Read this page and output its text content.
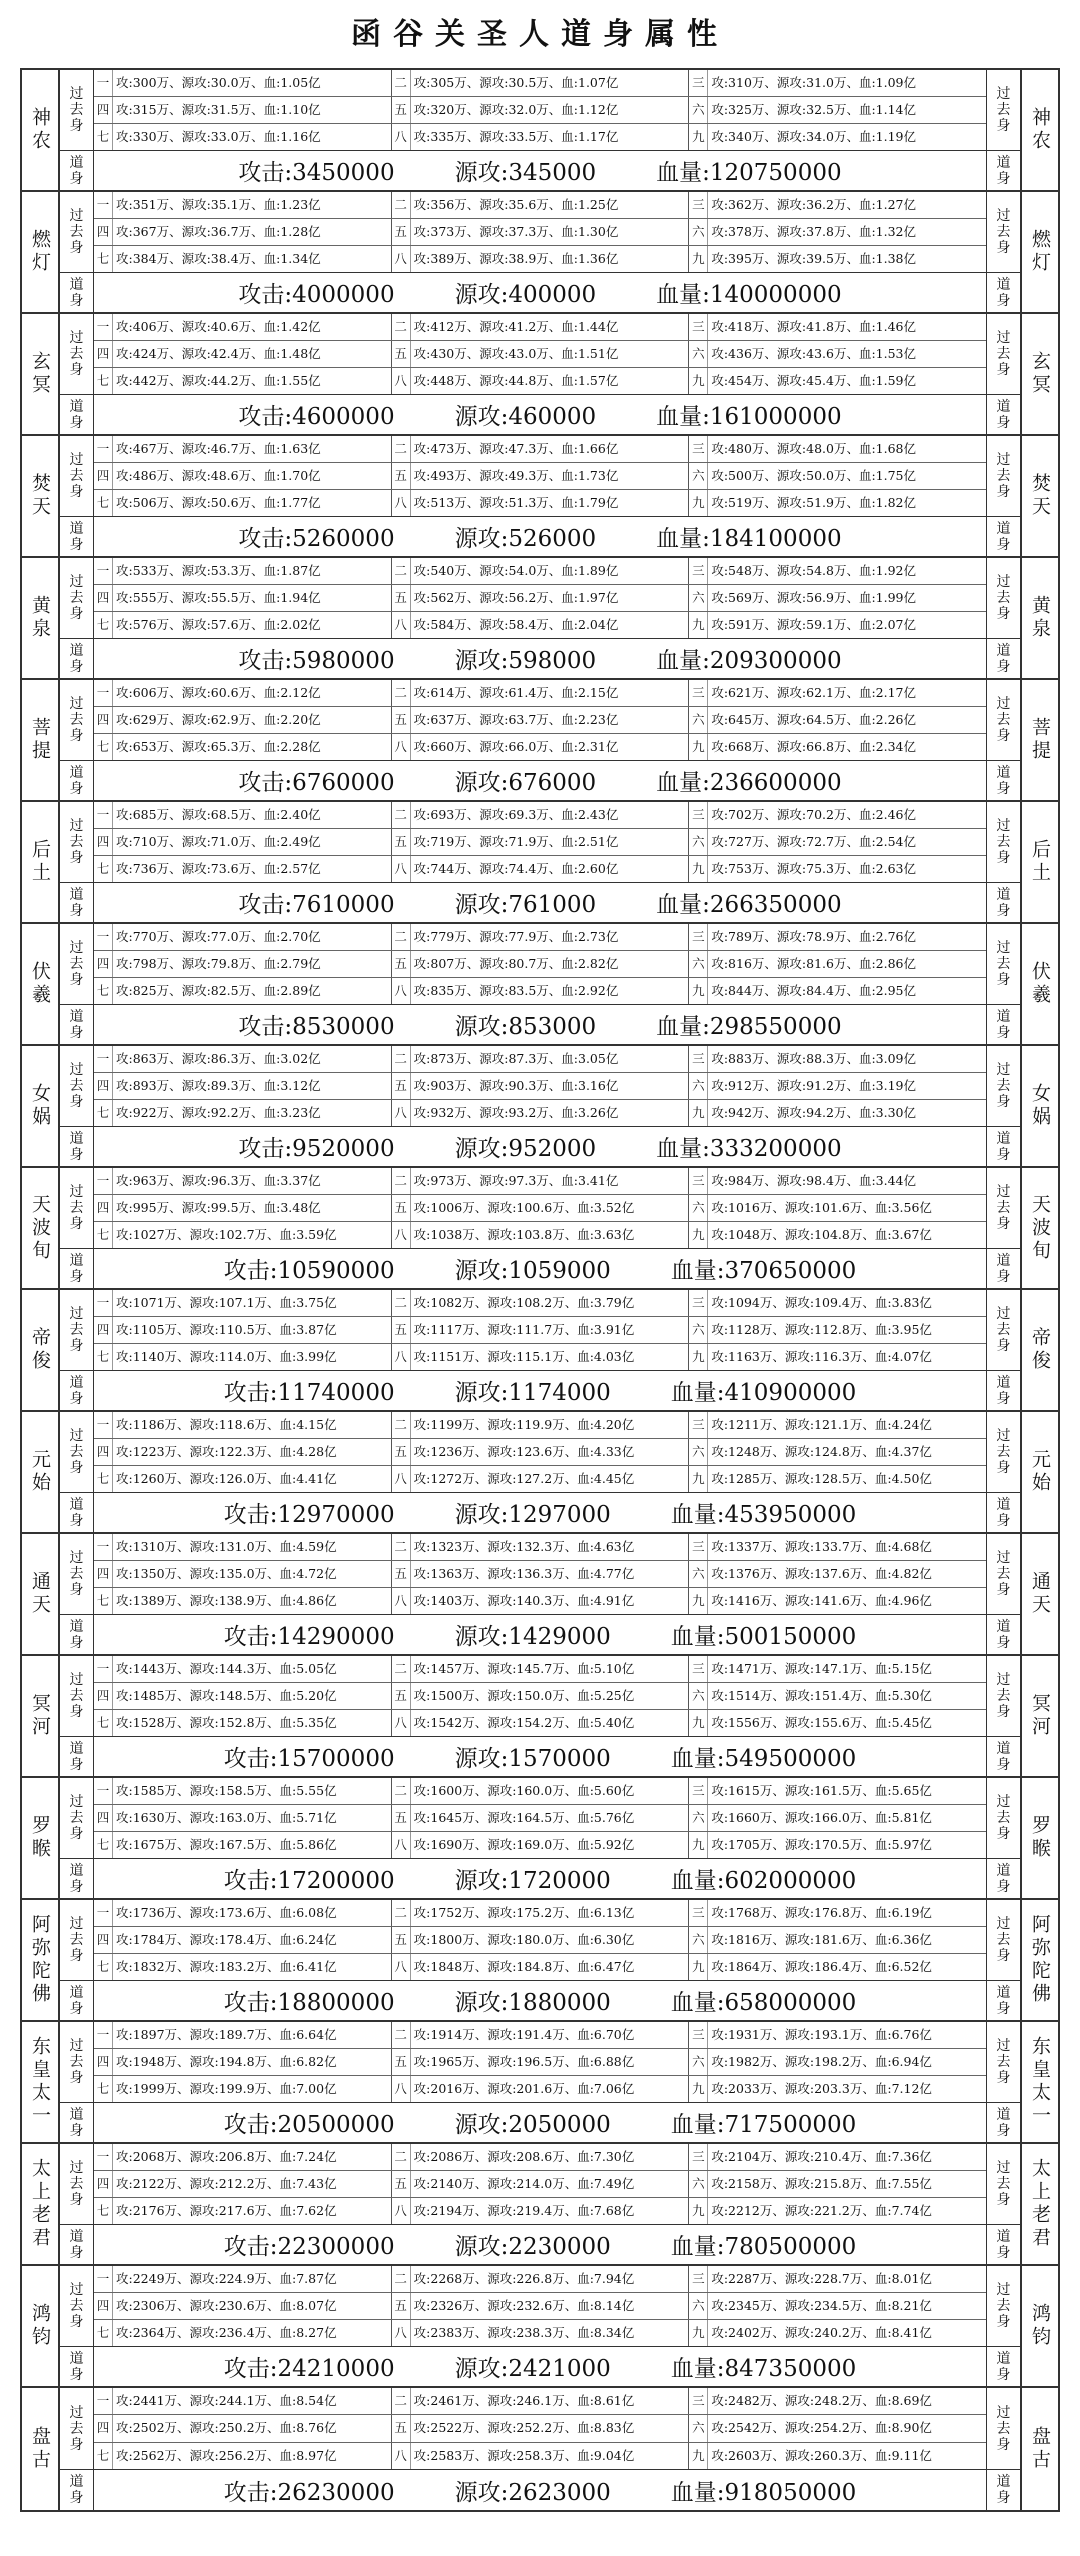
函谷关圣人道身属性
神农
过去身
一 攻:300万、源攻:30.0万、血:1.05亿	二 攻:305万、源攻:30.5万、血:1.07亿	三 攻:310万、源攻:31.0万、血:1.09亿
四 攻:315万、源攻:31.5万、血:1.10亿	五 攻:320万、源攻:32.0万、血:1.12亿	六 攻:325万、源攻:32.5万、血:1.14亿
七 攻:330万、源攻:33.0万、血:1.16亿	八 攻:335万、源攻:33.5万、血:1.17亿	九 攻:340万、源攻:34.0万、血:1.19亿
过去身
道身	攻击:3450000	源攻:345000	血量:120750000	道身
神农
燃灯
过去身
一 攻:351万、源攻:35.1万、血:1.23亿	二 攻:356万、源攻:35.6万、血:1.25亿	三 攻:362万、源攻:36.2万、血:1.27亿
四 攻:367万、源攻:36.7万、血:1.28亿	五 攻:373万、源攻:37.3万、血:1.30亿	六 攻:378万、源攻:37.8万、血:1.32亿
七 攻:384万、源攻:38.4万、血:1.34亿	八 攻:389万、源攻:38.9万、血:1.36亿	九 攻:395万、源攻:39.5万、血:1.38亿
过去身
道身	攻击:4000000	源攻:400000	血量:140000000	道身
燃灯
玄冥
过去身
一 攻:406万、源攻:40.6万、血:1.42亿	二 攻:412万、源攻:41.2万、血:1.44亿	三 攻:418万、源攻:41.8万、血:1.46亿
四 攻:424万、源攻:42.4万、血:1.48亿	五 攻:430万、源攻:43.0万、血:1.51亿	六 攻:436万、源攻:43.6万、血:1.53亿
七 攻:442万、源攻:44.2万、血:1.55亿	八 攻:448万、源攻:44.8万、血:1.57亿	九 攻:454万、源攻:45.4万、血:1.59亿
过去身
道身	攻击:4600000	源攻:460000	血量:161000000	道身
玄冥
焚天
过去身
一 攻:467万、源攻:46.7万、血:1.63亿	二 攻:473万、源攻:47.3万、血:1.66亿	三 攻:480万、源攻:48.0万、血:1.68亿
四 攻:486万、源攻:48.6万、血:1.70亿	五 攻:493万、源攻:49.3万、血:1.73亿	六 攻:500万、源攻:50.0万、血:1.75亿
七 攻:506万、源攻:50.6万、血:1.77亿	八 攻:513万、源攻:51.3万、血:1.79亿	九 攻:519万、源攻:51.9万、血:1.82亿
过去身
道身	攻击:5260000	源攻:526000	血量:184100000	道身
焚天
黄泉
过去身
一 攻:533万、源攻:53.3万、血:1.87亿	二 攻:540万、源攻:54.0万、血:1.89亿	三 攻:548万、源攻:54.8万、血:1.92亿
四 攻:555万、源攻:55.5万、血:1.94亿	五 攻:562万、源攻:56.2万、血:1.97亿	六 攻:569万、源攻:56.9万、血:1.99亿
七 攻:576万、源攻:57.6万、血:2.02亿	八 攻:584万、源攻:58.4万、血:2.04亿	九 攻:591万、源攻:59.1万、血:2.07亿
过去身
道身	攻击:5980000	源攻:598000	血量:209300000	道身
黄泉
菩提
过去身
一 攻:606万、源攻:60.6万、血:2.12亿	二 攻:614万、源攻:61.4万、血:2.15亿	三 攻:621万、源攻:62.1万、血:2.17亿
四 攻:629万、源攻:62.9万、血:2.20亿	五 攻:637万、源攻:63.7万、血:2.23亿	六 攻:645万、源攻:64.5万、血:2.26亿
七 攻:653万、源攻:65.3万、血:2.28亿	八 攻:660万、源攻:66.0万、血:2.31亿	九 攻:668万、源攻:66.8万、血:2.34亿
过去身
道身	攻击:6760000	源攻:676000	血量:236600000	道身
菩提
后土
过去身
一 攻:685万、源攻:68.5万、血:2.40亿	二 攻:693万、源攻:69.3万、血:2.43亿	三 攻:702万、源攻:70.2万、血:2.46亿
四 攻:710万、源攻:71.0万、血:2.49亿	五 攻:719万、源攻:71.9万、血:2.51亿	六 攻:727万、源攻:72.7万、血:2.54亿
七 攻:736万、源攻:73.6万、血:2.57亿	八 攻:744万、源攻:74.4万、血:2.60亿	九 攻:753万、源攻:75.3万、血:2.63亿
过去身
道身	攻击:7610000	源攻:761000	血量:266350000	道身
后土
伏羲
过去身
一 攻:770万、源攻:77.0万、血:2.70亿	二 攻:779万、源攻:77.9万、血:2.73亿	三 攻:789万、源攻:78.9万、血:2.76亿
四 攻:798万、源攻:79.8万、血:2.79亿	五 攻:807万、源攻:80.7万、血:2.82亿	六 攻:816万、源攻:81.6万、血:2.86亿
七 攻:825万、源攻:82.5万、血:2.89亿	八 攻:835万、源攻:83.5万、血:2.92亿	九 攻:844万、源攻:84.4万、血:2.95亿
过去身
道身	攻击:8530000	源攻:853000	血量:298550000	道身
伏羲
女娲
过去身
一 攻:863万、源攻:86.3万、血:3.02亿	二 攻:873万、源攻:87.3万、血:3.05亿	三 攻:883万、源攻:88.3万、血:3.09亿
四 攻:893万、源攻:89.3万、血:3.12亿	五 攻:903万、源攻:90.3万、血:3.16亿	六 攻:912万、源攻:91.2万、血:3.19亿
七 攻:922万、源攻:92.2万、血:3.23亿	八 攻:932万、源攻:93.2万、血:3.26亿	九 攻:942万、源攻:94.2万、血:3.30亿
过去身
道身	攻击:9520000	源攻:952000	血量:333200000	道身
女娲
天波旬
过去身
一 攻:963万、源攻:96.3万、血:3.37亿	二 攻:973万、源攻:97.3万、血:3.41亿	三 攻:984万、源攻:98.4万、血:3.44亿
四 攻:995万、源攻:99.5万、血:3.48亿	五 攻:1006万、源攻:100.6万、血:3.52亿	六 攻:1016万、源攻:101.6万、血:3.56亿
七 攻:1027万、源攻:102.7万、血:3.59亿	八 攻:1038万、源攻:103.8万、血:3.63亿	九 攻:1048万、源攻:104.8万、血:3.67亿
过去身
道身	攻击:10590000	源攻:1059000	血量:370650000	道身
天波旬
帝俊
过去身
一 攻:1071万、源攻:107.1万、血:3.75亿	二 攻:1082万、源攻:108.2万、血:3.79亿	三 攻:1094万、源攻:109.4万、血:3.83亿
四 攻:1105万、源攻:110.5万、血:3.87亿	五 攻:1117万、源攻:111.7万、血:3.91亿	六 攻:1128万、源攻:112.8万、血:3.95亿
七 攻:1140万、源攻:114.0万、血:3.99亿	八 攻:1151万、源攻:115.1万、血:4.03亿	九 攻:1163万、源攻:116.3万、血:4.07亿
过去身
道身	攻击:11740000	源攻:1174000	血量:410900000	道身
帝俊
元始
过去身
一 攻:1186万、源攻:118.6万、血:4.15亿	二 攻:1199万、源攻:119.9万、血:4.20亿	三 攻:1211万、源攻:121.1万、血:4.24亿
四 攻:1223万、源攻:122.3万、血:4.28亿	五 攻:1236万、源攻:123.6万、血:4.33亿	六 攻:1248万、源攻:124.8万、血:4.37亿
七 攻:1260万、源攻:126.0万、血:4.41亿	八 攻:1272万、源攻:127.2万、血:4.45亿	九 攻:1285万、源攻:128.5万、血:4.50亿
过去身
道身	攻击:12970000	源攻:1297000	血量:453950000	道身
元始
通天
过去身
一 攻:1310万、源攻:131.0万、血:4.59亿	二 攻:1323万、源攻:132.3万、血:4.63亿	三 攻:1337万、源攻:133.7万、血:4.68亿
四 攻:1350万、源攻:135.0万、血:4.72亿	五 攻:1363万、源攻:136.3万、血:4.77亿	六 攻:1376万、源攻:137.6万、血:4.82亿
七 攻:1389万、源攻:138.9万、血:4.86亿	八 攻:1403万、源攻:140.3万、血:4.91亿	九 攻:1416万、源攻:141.6万、血:4.96亿
过去身
道身	攻击:14290000	源攻:1429000	血量:500150000	道身
通天
冥河
过去身
一 攻:1443万、源攻:144.3万、血:5.05亿	二 攻:1457万、源攻:145.7万、血:5.10亿	三 攻:1471万、源攻:147.1万、血:5.15亿
四 攻:1485万、源攻:148.5万、血:5.20亿	五 攻:1500万、源攻:150.0万、血:5.25亿	六 攻:1514万、源攻:151.4万、血:5.30亿
七 攻:1528万、源攻:152.8万、血:5.35亿	八 攻:1542万、源攻:154.2万、血:5.40亿	九 攻:1556万、源攻:155.6万、血:5.45亿
过去身
道身	攻击:15700000	源攻:1570000	血量:549500000	道身
冥河
罗睺
过去身
一 攻:1585万、源攻:158.5万、血:5.55亿	二 攻:1600万、源攻:160.0万、血:5.60亿	三 攻:1615万、源攻:161.5万、血:5.65亿
四 攻:1630万、源攻:163.0万、血:5.71亿	五 攻:1645万、源攻:164.5万、血:5.76亿	六 攻:1660万、源攻:166.0万、血:5.81亿
七 攻:1675万、源攻:167.5万、血:5.86亿	八 攻:1690万、源攻:169.0万、血:5.92亿	九 攻:1705万、源攻:170.5万、血:5.97亿
过去身
道身	攻击:17200000	源攻:1720000	血量:602000000	道身
罗睺
阿弥陀佛 过去身
一 攻:1736万、源攻:173.6万、血:6.08亿	二 攻:1752万、源攻:175.2万、血:6.13亿	三 攻:1768万、源攻:176.8万、血:6.19亿
四 攻:1784万、源攻:178.4万、血:6.24亿	五 攻:1800万、源攻:180.0万、血:6.30亿	六 攻:1816万、源攻:181.6万、血:6.36亿
七 攻:1832万、源攻:183.2万、血:6.41亿	八 攻:1848万、源攻:184.8万、血:6.47亿	九 攻:1864万、源攻:186.4万、血:6.52亿
过去身
道身	攻击:18800000	源攻:1880000	血量:658000000	道身
阿弥陀佛
东皇太一 过去身
一 攻:1897万、源攻:189.7万、血:6.64亿	二 攻:1914万、源攻:191.4万、血:6.70亿	三 攻:1931万、源攻:193.1万、血:6.76亿
四 攻:1948万、源攻:194.8万、血:6.82亿	五 攻:1965万、源攻:196.5万、血:6.88亿	六 攻:1982万、源攻:198.2万、血:6.94亿
七 攻:1999万、源攻:199.9万、血:7.00亿	八 攻:2016万、源攻:201.6万、血:7.06亿	九 攻:2033万、源攻:203.3万、血:7.12亿
过去身
道身	攻击:20500000	源攻:2050000	血量:717500000	道身
东皇太一
太上老君 过去身
一 攻:2068万、源攻:206.8万、血:7.24亿	二 攻:2086万、源攻:208.6万、血:7.30亿	三 攻:2104万、源攻:210.4万、血:7.36亿
四 攻:2122万、源攻:212.2万、血:7.43亿	五 攻:2140万、源攻:214.0万、血:7.49亿	六 攻:2158万、源攻:215.8万、血:7.55亿
七 攻:2176万、源攻:217.6万、血:7.62亿	八 攻:2194万、源攻:219.4万、血:7.68亿	九 攻:2212万、源攻:221.2万、血:7.74亿
过去身
道身	攻击:22300000	源攻:2230000	血量:780500000	道身
太上老君
鸿钧
过去身
一 攻:2249万、源攻:224.9万、血:7.87亿	二 攻:2268万、源攻:226.8万、血:7.94亿	三 攻:2287万、源攻:228.7万、血:8.01亿
四 攻:2306万、源攻:230.6万、血:8.07亿	五 攻:2326万、源攻:232.6万、血:8.14亿	六 攻:2345万、源攻:234.5万、血:8.21亿
七 攻:2364万、源攻:236.4万、血:8.27亿	八 攻:2383万、源攻:238.3万、血:8.34亿	九 攻:2402万、源攻:240.2万、血:8.41亿
过去身
道身	攻击:24210000	源攻:2421000	血量:847350000	道身
鸿钧
盘古
过去身
一 攻:2441万、源攻:244.1万、血:8.54亿	二 攻:2461万、源攻:246.1万、血:8.61亿	三 攻:2482万、源攻:248.2万、血:8.69亿
四 攻:2502万、源攻:250.2万、血:8.76亿	五 攻:2522万、源攻:252.2万、血:8.83亿	六 攻:2542万、源攻:254.2万、血:8.90亿
七 攻:2562万、源攻:256.2万、血:8.97亿	八 攻:2583万、源攻:258.3万、血:9.04亿	九 攻:2603万、源攻:260.3万、血:9.11亿
过去身
道身	攻击:26230000	源攻:2623000	血量:918050000	道身
盘古
